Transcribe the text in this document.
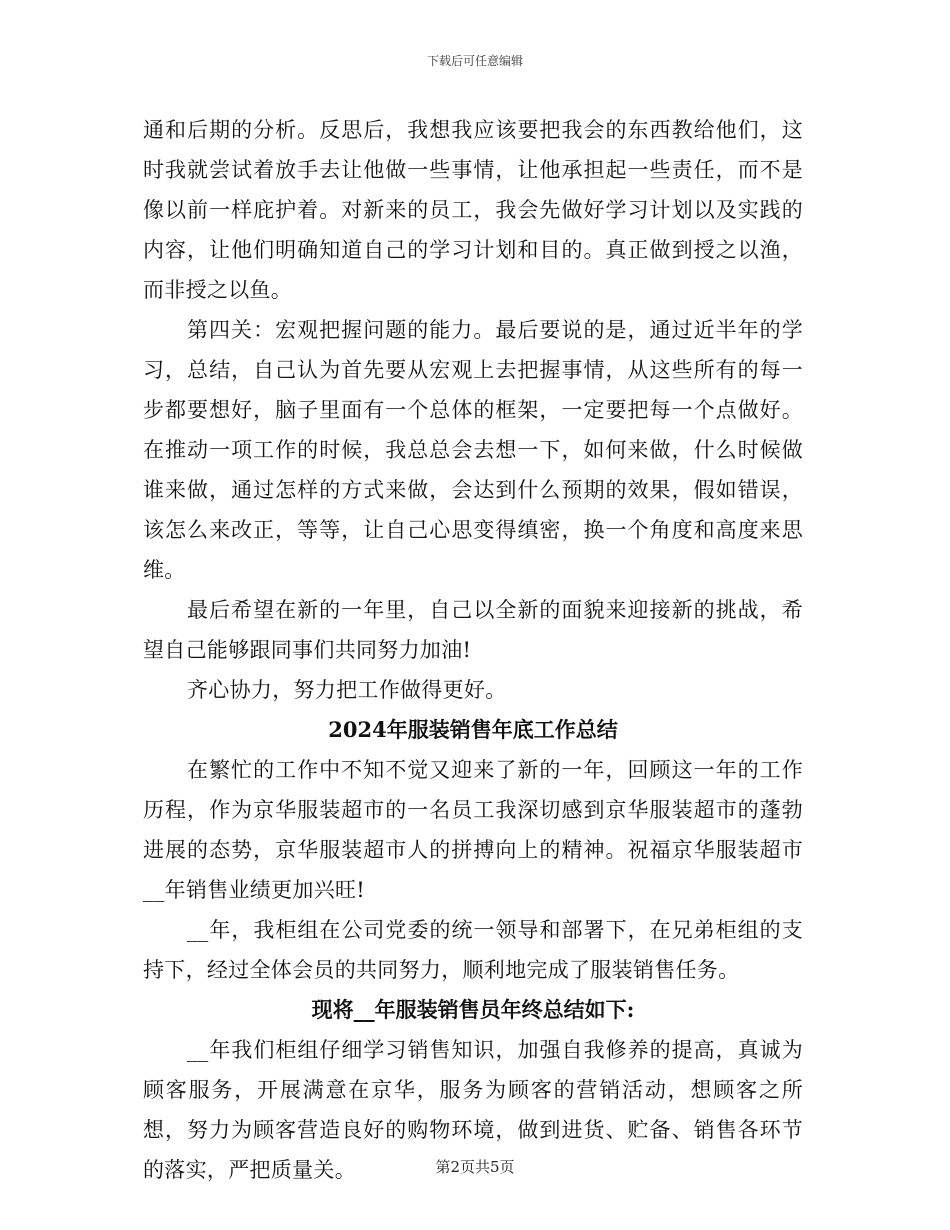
下载后可任意编辑

通和后期的分析。反思后，我想我应该要把我会的东西教给他们，这时我就尝试着放手去让他做一些事情，让他承担起一些责任，而不是像以前一样庇护着。对新来的员工，我会先做好学习计划以及实践的内容，让他们明确知道自己的学习计划和目的。真正做到授之以渔，而非授之以鱼。

第四关：宏观把握问题的能力。最后要说的是，通过近半年的学习，总结，自己认为首先要从宏观上去把握事情，从这些所有的每一步都要想好，脑子里面有一个总体的框架，一定要把每一个点做好。在推动一项工作的时候，我总总会去想一下，如何来做，什么时候做谁来做，通过怎样的方式来做，会达到什么预期的效果，假如错误，该怎么来改正，等等，让自己心思变得缜密，换一个角度和高度来思维。

最后希望在新的一年里，自己以全新的面貌来迎接新的挑战，希望自己能够跟同事们共同努力加油!

齐心协力，努力把工作做得更好。

2024年服装销售年底工作总结

在繁忙的工作中不知不觉又迎来了新的一年，回顾这一年的工作历程，作为京华服装超市的一名员工我深切感到京华服装超市的蓬勃进展的态势，京华服装超市人的拼搏向上的精神。祝福京华服装超市__年销售业绩更加兴旺!

__年，我柜组在公司党委的统一领导和部署下，在兄弟柜组的支持下，经过全体会员的共同努力，顺利地完成了服装销售任务。

现将__年服装销售员年终总结如下:

__年我们柜组仔细学习销售知识，加强自我修养的提高，真诚为顾客服务，开展满意在京华，服务为顾客的营销活动，想顾客之所想，努力为顾客营造良好的购物环境，做到进货、贮备、销售各环节的落实，严把质量关。	第2页共5页
